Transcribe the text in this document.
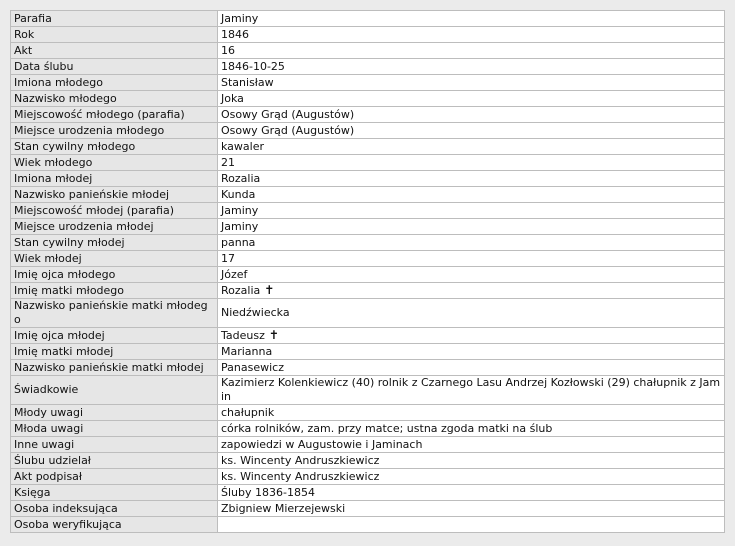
Parafia	Jaminy
Rok	1846
Akt	16
Data ślubu	1846-10-25
Imiona młodego	Stanisław
Nazwisko młodego	Joka
Miejscowość młodego (parafia)	Osowy Grąd (Augustów)
Miejsce urodzenia młodego	Osowy Grąd (Augustów)
Stan cywilny młodego	kawaler
Wiek młodego	21
Imiona młodej	Rozalia
Nazwisko panieńskie młodej	Kunda
Miejscowość młodej (parafia)	Jaminy
Miejsce urodzenia młodej	Jaminy
Stan cywilny młodej	panna
Wiek młodej	17
Imię ojca młodego	Józef
Imię matki młodego	Rozalia ✝
Nazwisko panieńskie matki młodego	Niedźwiecka
Imię ojca młodej	Tadeusz ✝
Imię matki młodej	Marianna
Nazwisko panieńskie matki młodej	Panasewicz
Świadkowie	Kazimierz Kolenkiewicz (40) rolnik z Czarnego Lasu Andrzej Kozłowski (29) chałupnik z Jamin
Młody uwagi	chałupnik
Młoda uwagi	córka rolników, zam. przy matce; ustna zgoda matki na ślub
Inne uwagi	zapowiedzi w Augustowie i Jaminach
Ślubu udzielał	ks. Wincenty Andruszkiewicz
Akt podpisał	ks. Wincenty Andruszkiewicz
Księga	Śluby 1836-1854
Osoba indeksująca	Zbigniew Mierzejewski
Osoba weryfikująca	
